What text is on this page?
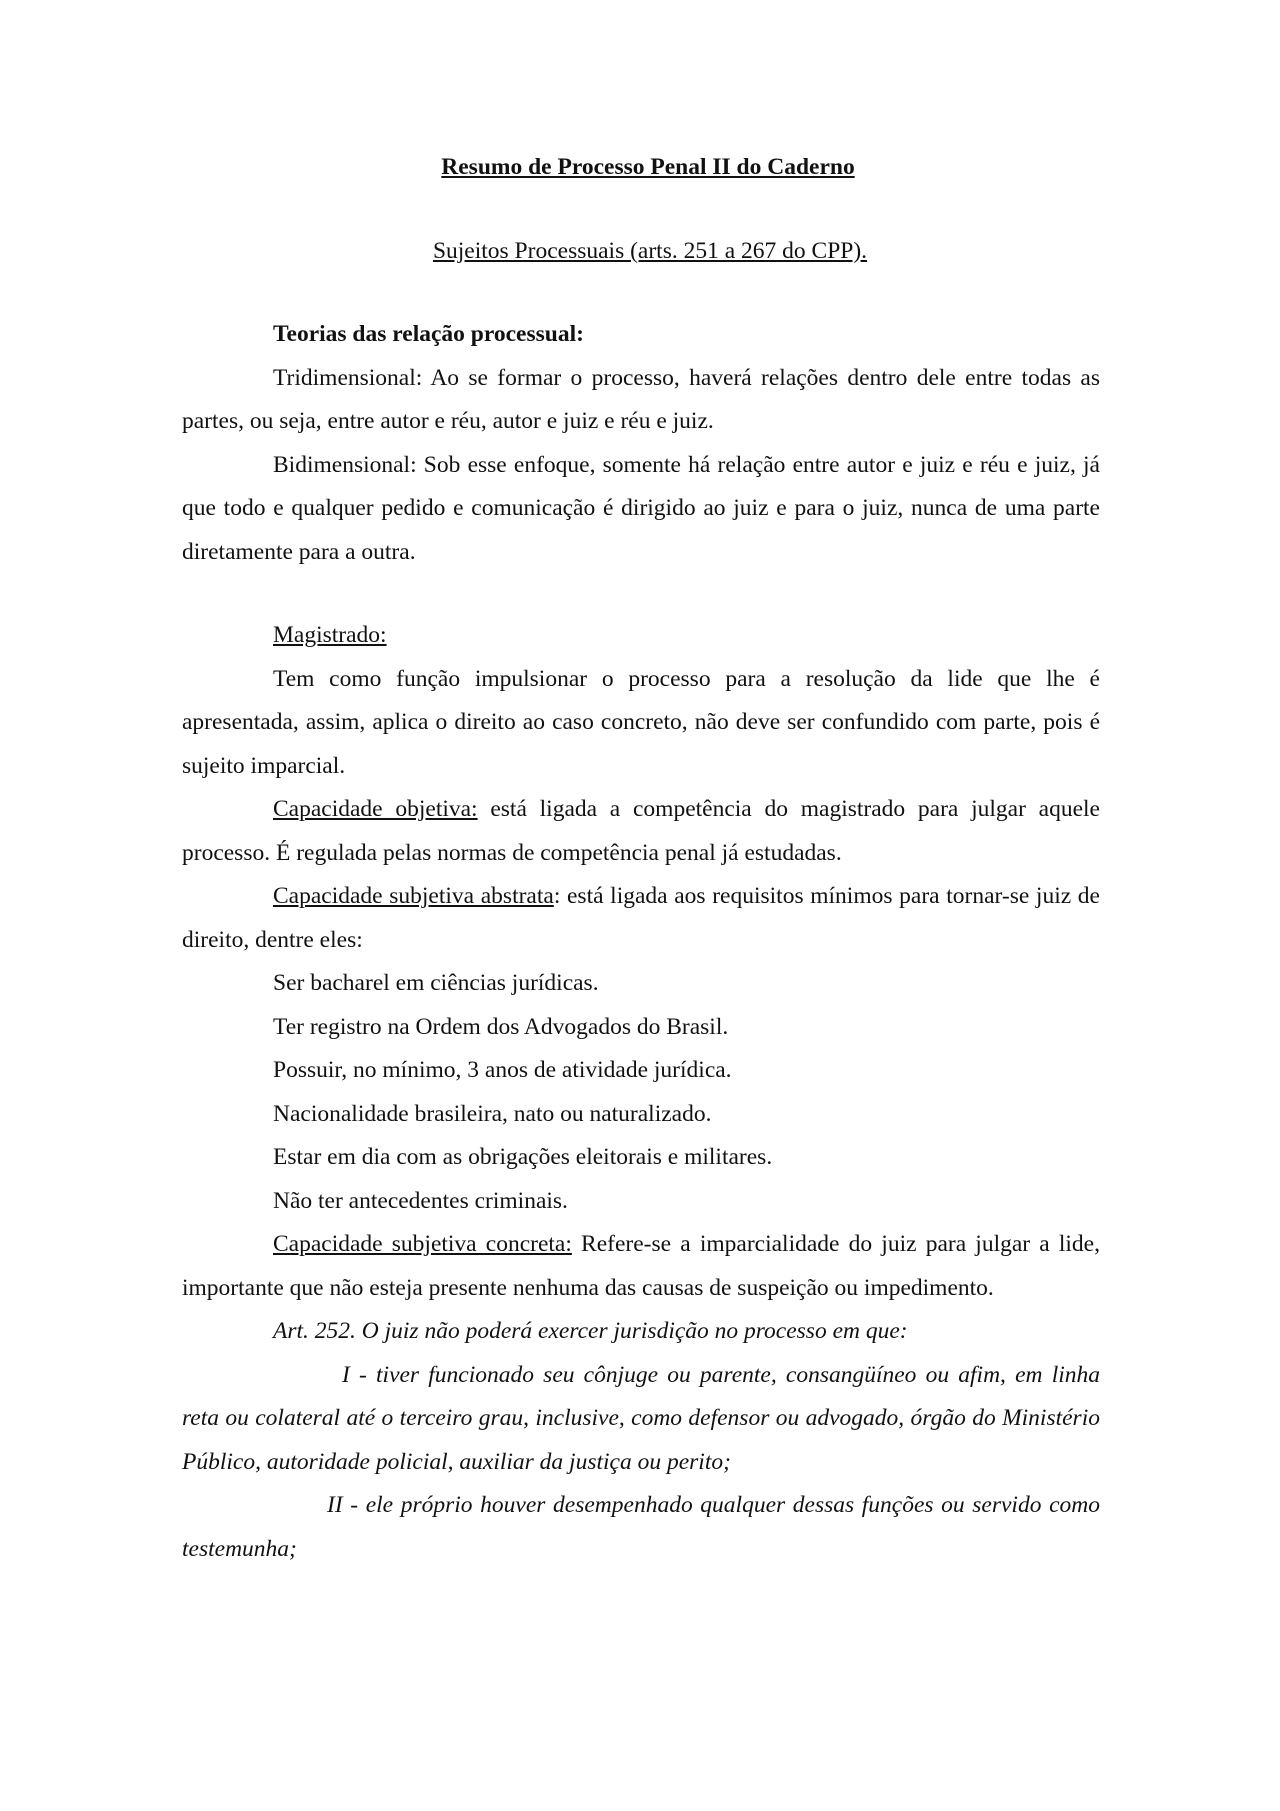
Resumo de Processo Penal II do Caderno
Sujeitos Processuais (arts. 251 a 267 do CPP).
Teorias das relação processual:

Tridimensional: Ao se formar o processo, haverá relações dentro dele entre todas as partes, ou seja, entre autor e réu, autor e juiz e réu e juiz.

Bidimensional: Sob esse enfoque, somente há relação entre autor e juiz e réu e juiz, já que todo e qualquer pedido e comunicação é dirigido ao juiz e para o juiz, nunca de uma parte diretamente para a outra.

Magistrado:

Tem como função impulsionar o processo para a resolução da lide que lhe é apresentada, assim, aplica o direito ao caso concreto, não deve ser confundido com parte, pois é sujeito imparcial.

Capacidade objetiva: está ligada a competência do magistrado para julgar aquele processo. É regulada pelas normas de competência penal já estudadas.

Capacidade subjetiva abstrata: está ligada aos requisitos mínimos para tornar-se juiz de direito, dentre eles:

Ser bacharel em ciências jurídicas.
Ter registro na Ordem dos Advogados do Brasil.
Possuir, no mínimo, 3 anos de atividade jurídica.
Nacionalidade brasileira, nato ou naturalizado.
Estar em dia com as obrigações eleitorais e militares.
Não ter antecedentes criminais.

Capacidade subjetiva concreta: Refere-se a imparcialidade do juiz para julgar a lide, importante que não esteja presente nenhuma das causas de suspeição ou impedimento.

Art. 252. O juiz não poderá exercer jurisdição no processo em que:

I - tiver funcionado seu cônjuge ou parente, consangüíneo ou afim, em linha reta ou colateral até o terceiro grau, inclusive, como defensor ou advogado, órgão do Ministério Público, autoridade policial, auxiliar da justiça ou perito;

II - ele próprio houver desempenhado qualquer dessas funções ou servido como testemunha;
